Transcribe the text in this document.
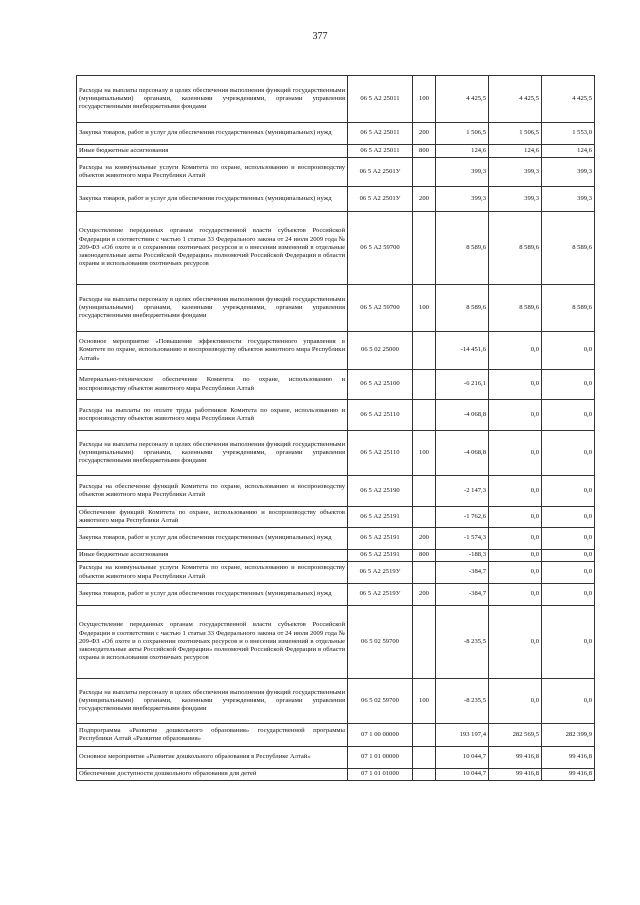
377
Расходы на выплаты персоналу в целях обеспечения выполнения функций государственными (муниципальными) органами, казенными учреждениями, органами управления государственными внебюджетными фондами	06 5 А2 25011	100	4 425,5	4 425,5	4 425,5
Закупка товаров, работ и услуг для обеспечения государственных (муниципальных) нужд	06 5 А2 25011	200	1 506,5	1 506,5	1 553,0
Иные бюджетные ассигнования	06 5 А2 25011	800	124,6	124,6	124,6
Расходы на коммунальные услуги Комитета по охране, использованию и воспроизводству объектов животного мира Республики Алтай	06 5 А2 2501У		399,3	399,3	399,3
Закупка товаров, работ и услуг для обеспечения государственных (муниципальных) нужд	06 5 А2 2501У	200	399,3	399,3	399,3
Осуществление переданных органам государственной власти субъектов Российской Федерации в соответствии с частью 1 статьи 33 Федерального закона от 24 июля 2009 года № 209-ФЗ «Об охоте и о сохранении охотничьих ресурсов и о внесении изменений в отдельные законодательные акты Российской Федерации» полномочий Российской Федерации в области охраны и использования охотничьих ресурсов	06 5 А2 59700		8 589,6	8 589,6	8 589,6
Расходы на выплаты персоналу в целях обеспечения выполнения функций государственными (муниципальными) органами, казенными учреждениями, органами управления государственными внебюджетными фондами	06 5 А2 59700	100	8 589,6	8 589,6	8 589,6
Основное мероприятие «Повышение эффективности государственного управления в Комитете по охране, использованию и воспроизводству объектов животного мира Республики Алтай»	06 5 02 25000		-14 451,6	0,0	0,0
Материально-техническое обеспечение Комитета по охране, использованию и воспроизводству объектов животного мира Республики Алтай	06 5 А2 25100		-6 216,1	0,0	0,0
Расходы на выплаты по оплате труда работников Комитета по охране, использованию и воспроизводству объектов животного мира Республики Алтай	06 5 А2 25110		-4 068,8	0,0	0,0
Расходы на выплаты персоналу в целях обеспечения выполнения функций государственными (муниципальными) органами, казенными учреждениями, органами управления государственными внебюджетными фондами	06 5 А2 25110	100	-4 068,8	0,0	0,0
Расходы на обеспечение функций Комитета по охране, использованию и воспроизводству объектов животного мира Республики Алтай	06 5 А2 25190		-2 147,3	0,0	0,0
Обеспечение функций Комитета по охране, использованию и воспроизводству объектов животного мира Республики Алтай	06 5 А2 25191		-1 762,6	0,0	0,0
Закупка товаров, работ и услуг для обеспечения государственных (муниципальных) нужд	06 5 А2 25191	200	-1 574,3	0,0	0,0
Иные бюджетные ассигнования	06 5 А2 25191	800	-188,3	0,0	0,0
Расходы на коммунальные услуги Комитета по охране, использованию и воспроизводству объектов животного мира Республики Алтай	06 5 А2 2519У		-384,7	0,0	0,0
Закупка товаров, работ и услуг для обеспечения государственных (муниципальных) нужд	06 5 А2 2519У	200	-384,7	0,0	0,0
Осуществление переданных органам государственной власти субъектов Российской Федерации в соответствии с частью 1 статьи 33 Федерального закона от 24 июля 2009 года № 209-ФЗ «Об охоте и о сохранении охотничьих ресурсов и о внесении изменений в отдельные законодательные акты Российской Федерации» полномочий Российской Федерации в области охраны и использования охотничьих ресурсов	06 5 02 59700		-8 235,5	0,0	0,0
Расходы на выплаты персоналу в целях обеспечения выполнения функций государственными (муниципальными) органами, казенными учреждениями, органами управления государственными внебюджетными фондами	06 5 02 59700	100	-8 235,5	0,0	0,0
Подпрограмма «Развитие дошкольного образования» государственной программы Республики Алтай «Развитие образования»	07 1 00 00000		193 197,4	282 569,5	282 399,9
Основное мероприятие «Развитие дошкольного образования в Республике Алтай»	07 1 01 00000		10 044,7	99 416,8	99 416,8
Обеспечение доступности дошкольного образования для детей	07 1 01 01000		10 044,7	99 416,8	99 416,8
